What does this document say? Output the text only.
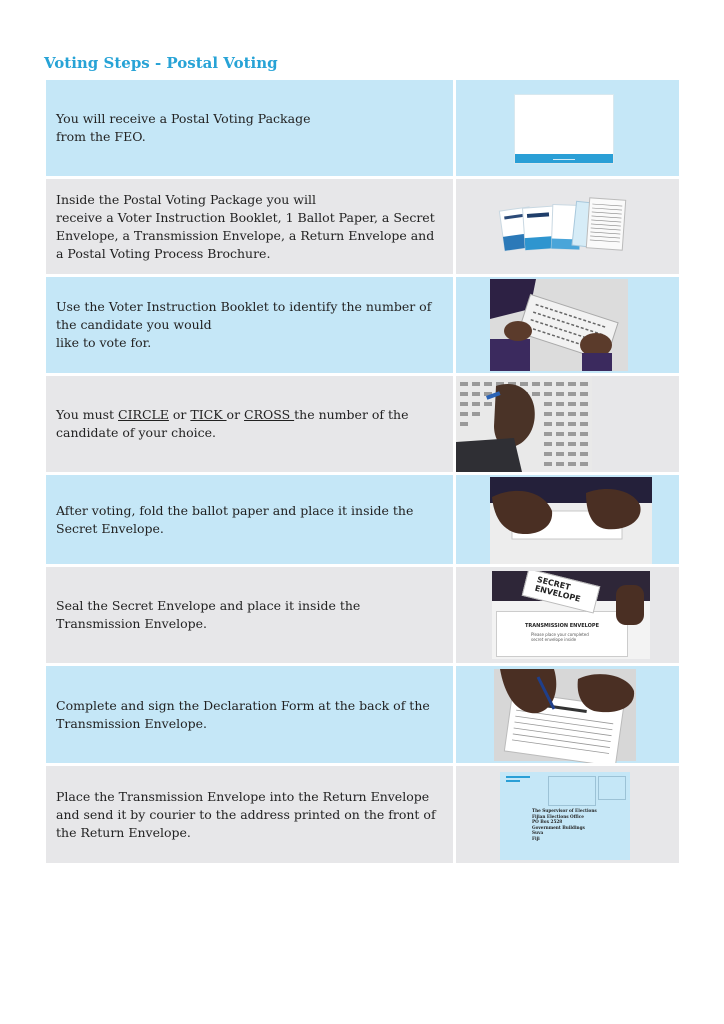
Voting Steps - Postal Voting
You will receive a Postal Voting Package
from the FEO.
Inside the Postal Voting Package you will
receive a Voter Instruction Booklet, 1 Ballot Paper, a Secret Envelope, a Transmission Envelope, a Return Envelope and a Postal Voting Process Brochure.
Use the Voter Instruction Booklet to identify the number of the candidate you would
like to vote for.
You must CIRCLE or TICK or CROSS the number of the candidate of your choice.
After voting, fold the ballot paper and place it inside the Secret Envelope.
Seal the Secret Envelope and place it inside the Transmission Envelope.	TRANSMISSION ENVELOPE
Please place your completed secret envelope inside
SECRET ENVELOPE
Complete and sign the Declaration Form at the back of the Transmission Envelope.
Place the Transmission Envelope into the Return Envelope and send it by courier to the address printed on the front of the Return Envelope.
The Supervisor of Elections
Fijian Elections Office
PO Box 2528
Government Buildings
Suva
Fiji
